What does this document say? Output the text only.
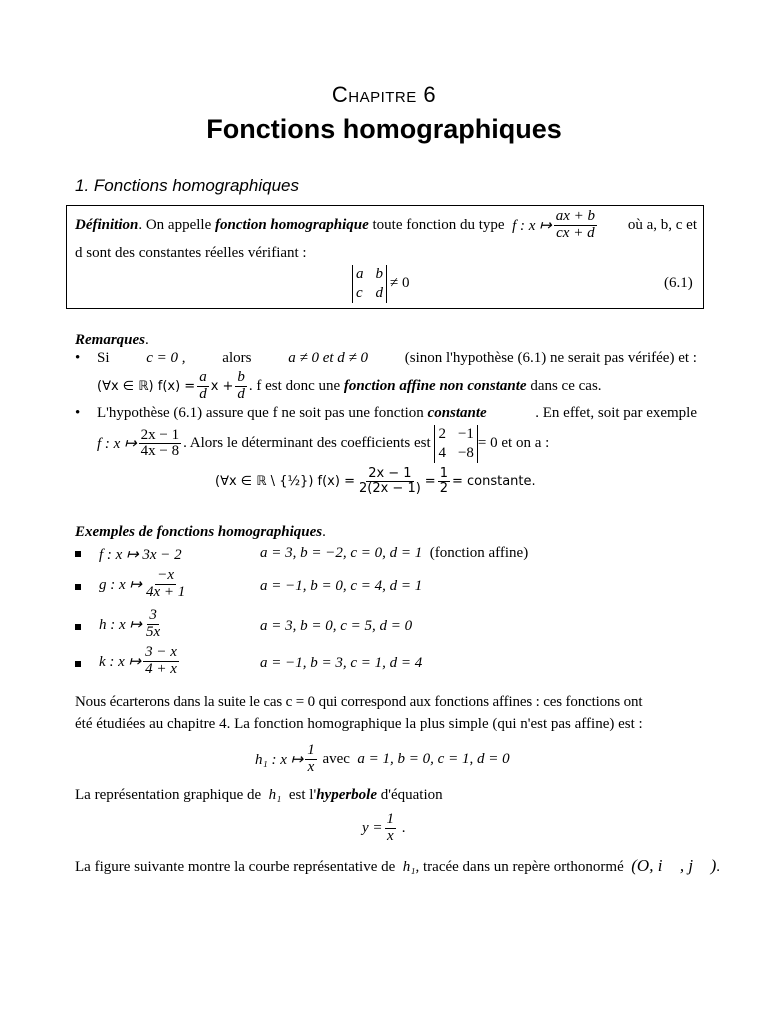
Chapitre 6
Fonctions homographiques
1. Fonctions homographiques
Définition . On appelle
fonction homographique
toute fonction du type
f : x ↦ $\frac{ax + b}{cx + d}$
où a, b, c et
d sont des constantes réelles vérifiant :
a b
c d
≠ 0	(6.1)
Remarques.
• Si c = 0 , alors a ≠ 0 et d ≠ 0 (sinon l'hypothèse (6.1) ne serait pas vérifée) et :
(∀x ∈ ℝ) $f(x) = \frac{a}{d}$ $x + \frac{b}{d}$ . f est donc une
fonction affine non constante
dans ce cas.
• L'hypothèse (6.1) assure que f ne soit pas une fonction
constante	. En effet, soit par exemple
f : x ↦ $\frac{2x - 1}{4x - 8}$ . Alors le déterminant des coefficients est

2 −1
4 −8
= 0 et on a :
(∀x ∈ ℝ \ {½}) $f(x) = \frac{2x - 1}{2(2x - 1)} = \frac{1}{2}$ = constante.
Exemples de fonctions homographiques.
f : x ↦ 3x − 2	a = 3, b = −2, c = 0, d = 1 (fonction affine)
g : x ↦ $\frac{-x}{4x + 1}$	a = −1, b = 0, c = 4, d = 1
h : x ↦ $\frac{3}{5x}$	a = 3, b = 0, c = 5, d = 0
k : x ↦ $\frac{3 - x}{4 + x}$	a = −1, b = 3, c = 1, d = 4
Nous écarterons dans la suite le cas c = 0 qui correspond aux fonctions affines : ces fonctions ont
été étudiées au chapitre 4. La fonction homographique la plus simple (qui n'est pas affine) est :
h₁ : x ↦ $\frac{1}{x}$
avec
a = 1, b = 0, c = 1, d = 0
La représentation graphique de h₁ est l'hyperbole d'équation
$y = \frac{1}{x}$
.
La figure suivante montre la courbe représentative de h₁, tracée dans un repère orthonormé (O, i⃗ , j⃗ ).
